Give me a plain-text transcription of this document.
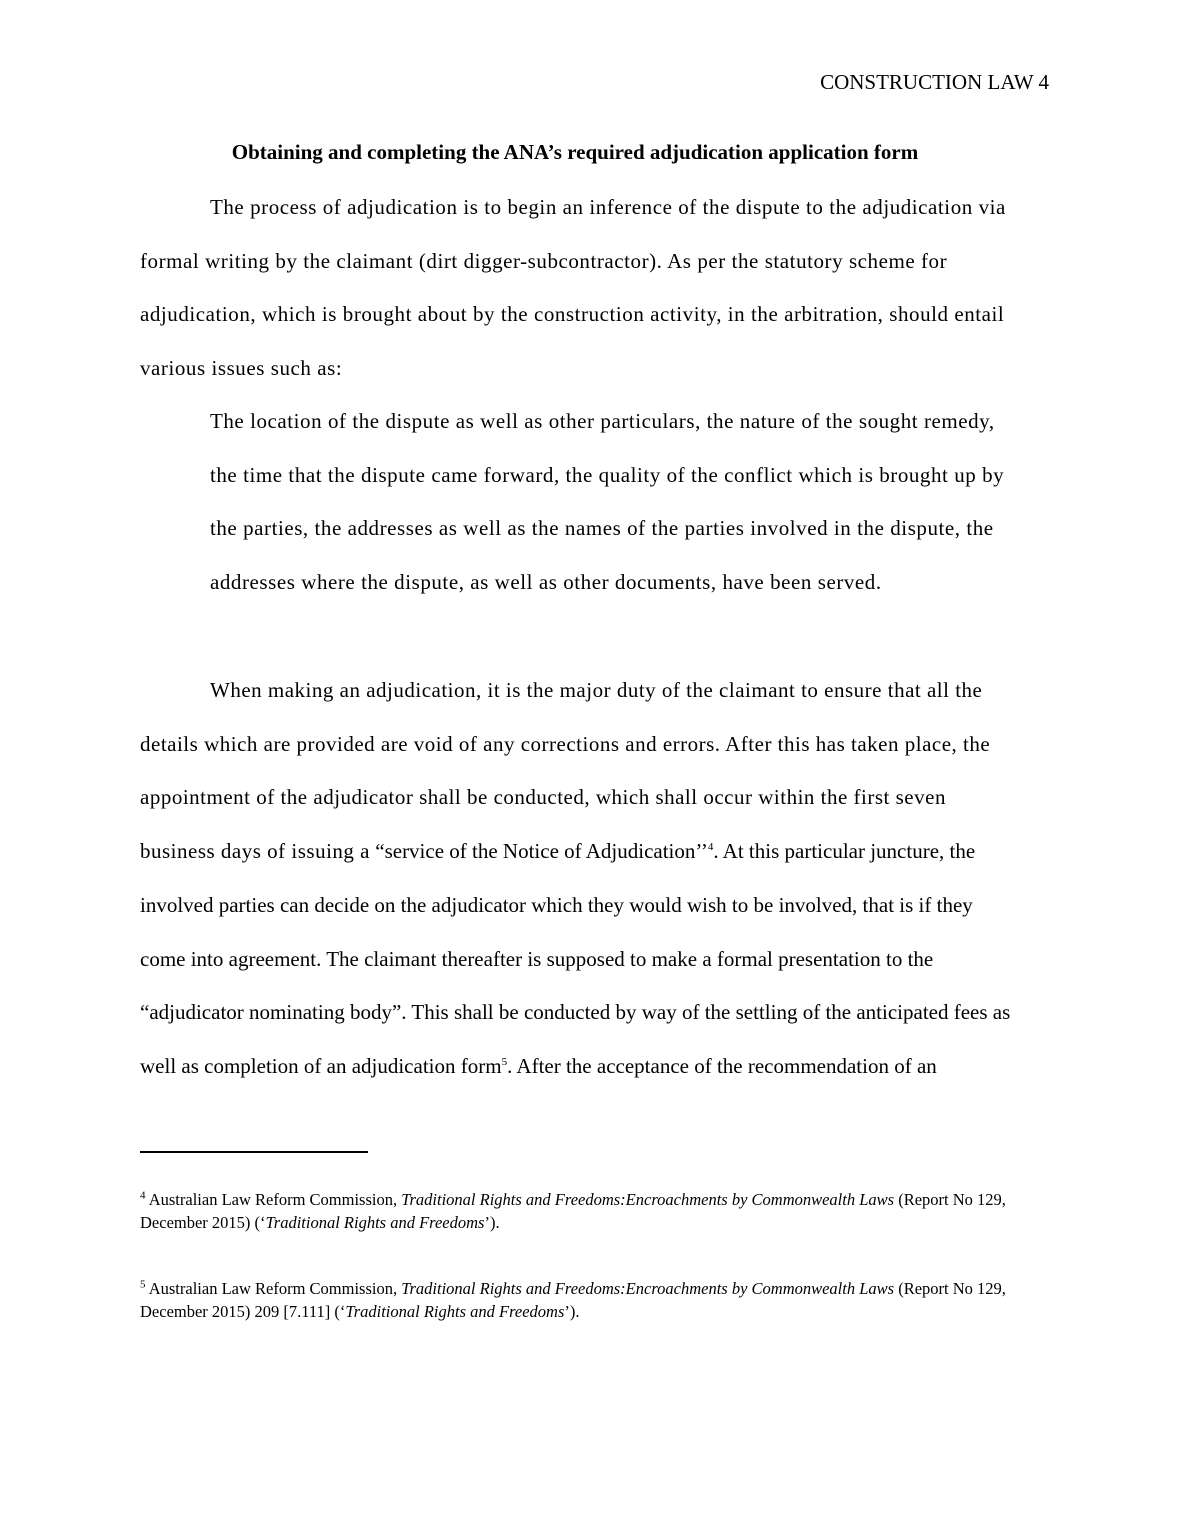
CONSTRUCTION LAW 4
Obtaining and completing the ANA’s required adjudication application form
The process of adjudication is to begin an inference of the dispute to the adjudication via formal writing by the claimant (dirt digger-subcontractor). As per the statutory scheme for adjudication, which is brought about by the construction activity, in the arbitration, should entail various issues such as:
The location of the dispute as well as other particulars, the nature of the sought remedy, the time that the dispute came forward, the quality of the conflict which is brought up by the parties, the addresses as well as the names of the parties involved in the dispute, the addresses where the dispute, as well as other documents, have been served.
When making an adjudication, it is the major duty of the claimant to ensure that all the details which are provided are void of any corrections and errors. After this has taken place, the appointment of the adjudicator shall be conducted, which shall occur within the first seven business days of issuing a “service of the Notice of Adjudication’’$^4$. At this particular juncture, the involved parties can decide on the adjudicator which they would wish to be involved, that is if they come into agreement. The claimant thereafter is supposed to make a formal presentation to the “adjudicator nominating body”. This shall be conducted by way of the settling of the anticipated fees as well as completion of an adjudication form$^5$. After the acceptance of the recommendation of an
$^4$ Australian Law Reform Commission, Traditional Rights and Freedoms:Encroachments by Commonwealth Laws (Report No 129, December 2015) (‘Traditional Rights and Freedoms’).
$^5$ Australian Law Reform Commission, Traditional Rights and Freedoms:Encroachments by Commonwealth Laws (Report No 129, December 2015) 209 [7.111] (‘Traditional Rights and Freedoms’).
